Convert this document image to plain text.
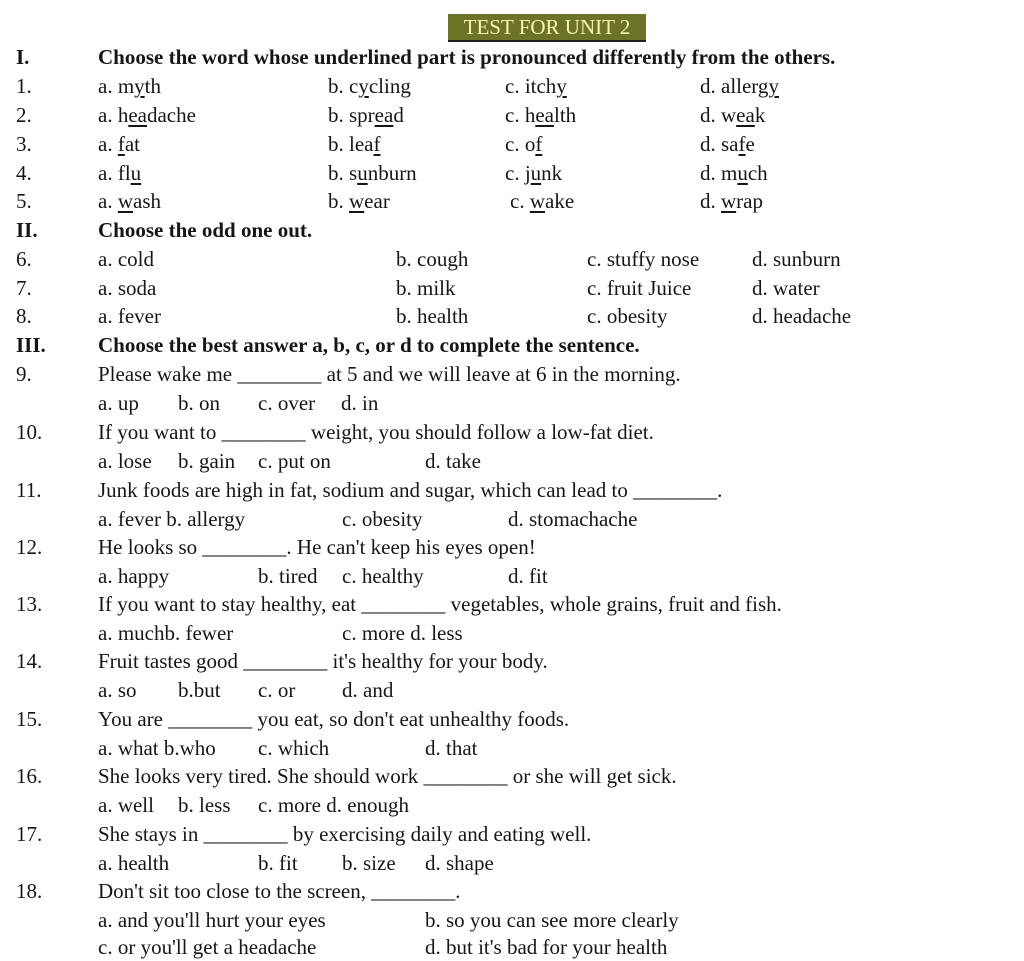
TEST FOR UNIT 2
I.	Choose the word whose underlined part is pronounced differently from the others.
1.	a. myth	b. cycling	c. itchy	d. allergy
2.	a. headache	b. spread	c. health	d. weak
3.	a. fat	b. leaf	c. of	d. safe
4.	a. flu	b. sunburn	c. junk	d. much
5.	a. wash	b. wear	c. wake	d. wrap
II.	Choose the odd one out.
6.	a. cold	b. cough	c. stuffy nose	d. sunburn
7.	a. soda	b. milk	c. fruit Juice	d. water
8.	a. fever	b. health	c. obesity	d. headache
III. Choose the best answer a, b, c, or d to complete the sentence.
9.	Please wake me ________ at 5 and we will leave at 6 in the morning.
a. up b. on c. over d. in
10.	If you want to ________ weight, you should follow a low-fat diet.
a. lose b. gain c. put on	d. take
11.	Junk foods are high in fat, sodium and sugar, which can lead to ________.
a. fever b. allergy	c. obesity	d. stomachache
12.	He looks so ________. He can't keep his eyes open!
a. happy	b. tired c. healthy	d. fit
13.	If you want to stay healthy, eat ________ vegetables, whole grains, fruit and fish.
a. muchb. fewer	c. more d. less
14.	Fruit tastes good ________ it's healthy for your body.
a. so b.but c. or d. and
15.	You are ________ you eat, so don't eat unhealthy foods.
a. what b.who c. which	d. that
16.	She looks very tired. She should work ________ or she will get sick.
a. well b. less c. more d. enough
17.	She stays in ________ by exercising daily and eating well.
a. health	b. fit b. size d. shape
18.	Don't sit too close to the screen, ________.
a. and you'll hurt your eyes	b. so you can see more clearly
c. or you'll get a headache	d. but it's bad for your health
